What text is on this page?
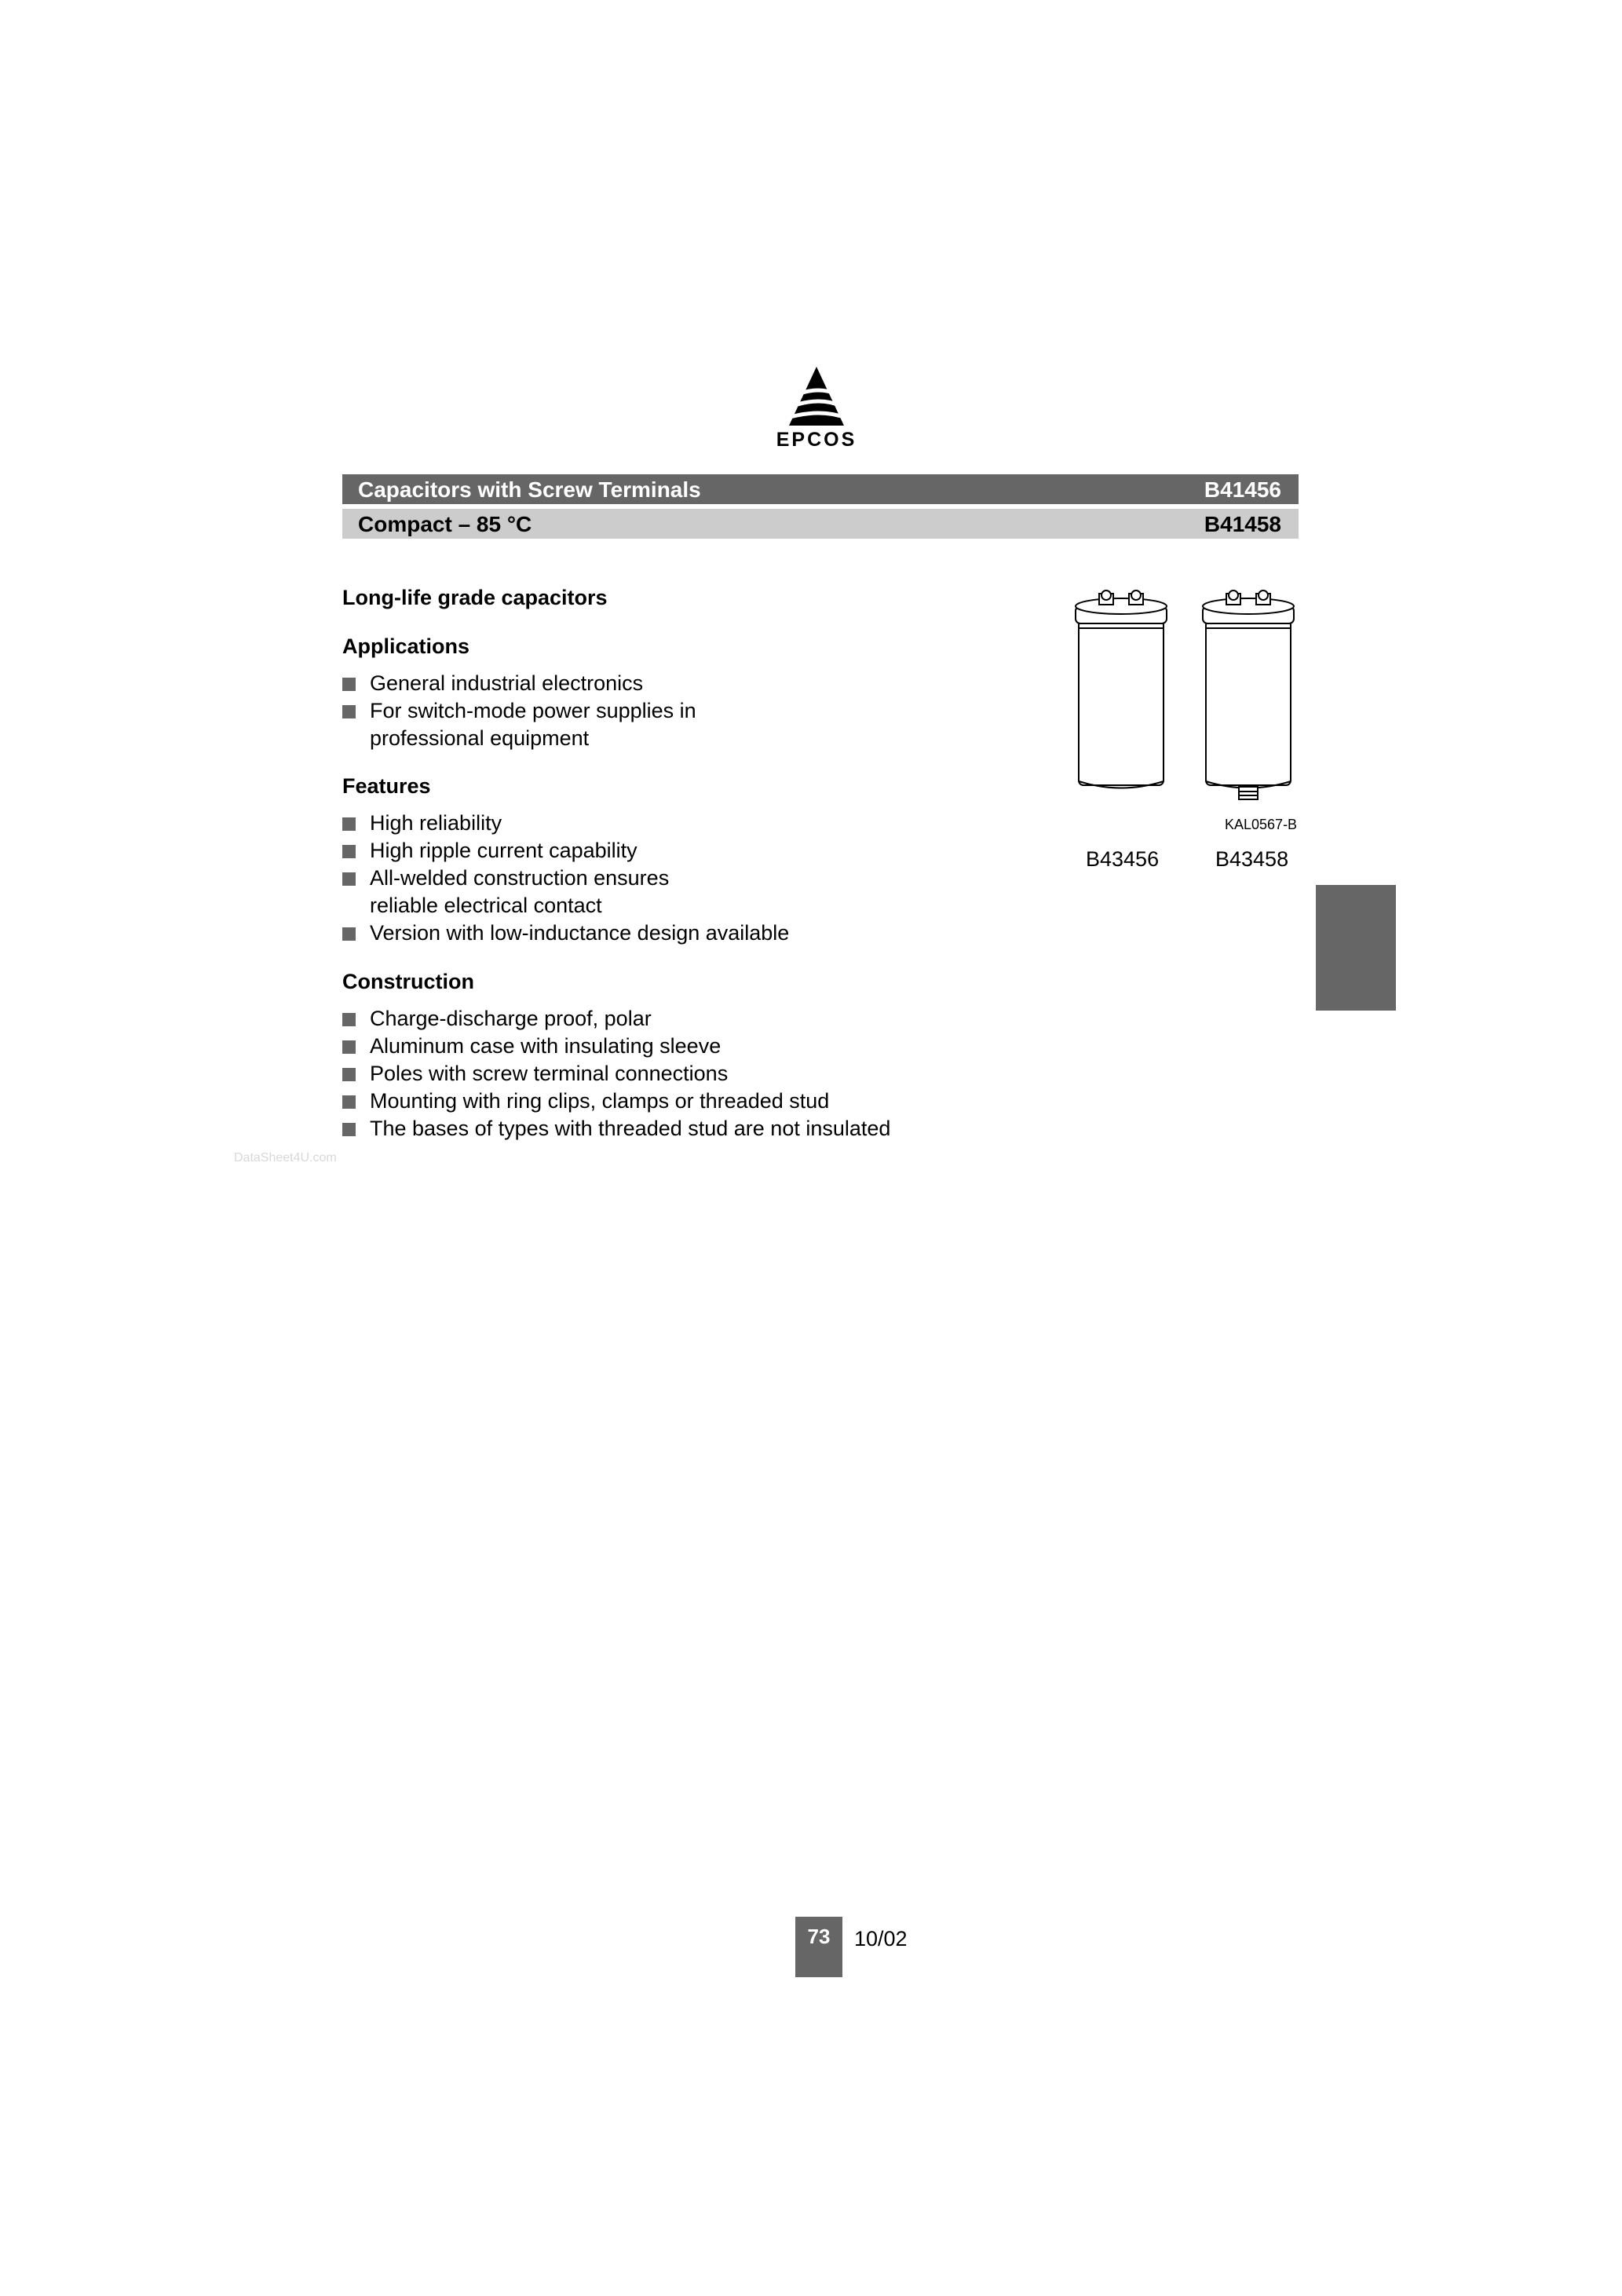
EPCOS
Capacitors with Screw Terminals	B41456
Compact – 85 °C	B41458
Long-life grade capacitors
Applications
General industrial electronics
For switch-mode power supplies in
professional equipment
Features
High reliability
High ripple current capability
All-welded construction ensures
reliable electrical contact
Version with low-inductance design available
Construction
Charge-discharge proof, polar
Aluminum case with insulating sleeve
Poles with screw terminal connections
Mounting with ring clips, clamps or threaded stud
The bases of types with threaded stud are not insulated
KAL0567-B
B43456	B43458
DataSheet4U.com
73	10/02
